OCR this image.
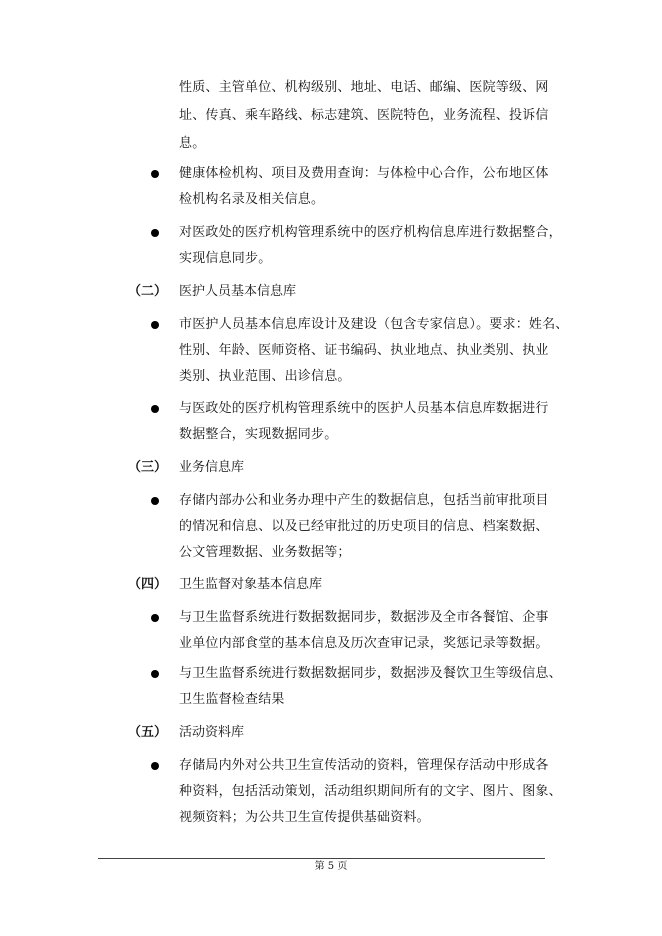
性质、主管单位、机构级别、地址、电话、邮编、医院等级、网
址、传真、乘车路线、标志建筑、医院特色，业务流程、投诉信
息。
健康体检机构、项目及费用查询：与体检中心合作，公布地区体
检机构名录及相关信息。
对医政处的医疗机构管理系统中的医疗机构信息库进行数据整合，
实现信息同步。
（二） 医护人员基本信息库
市医护人员基本信息库设计及建设（包含专家信息）。要求：姓名、
性别、年龄、医师资格、证书编码、执业地点、执业类别、执业
类别、执业范围、出诊信息。
与医政处的医疗机构管理系统中的医护人员基本信息库数据进行
数据整合，实现数据同步。
（三） 业务信息库
存储内部办公和业务办理中产生的数据信息，包括当前审批项目
的情况和信息、以及已经审批过的历史项目的信息、档案数据、
公文管理数据、业务数据等；
（四） 卫生监督对象基本信息库
与卫生监督系统进行数据数据同步，数据涉及全市各餐馆、企事
业单位内部食堂的基本信息及历次查审记录，奖惩记录等数据。
与卫生监督系统进行数据数据同步，数据涉及餐饮卫生等级信息、
卫生监督检查结果
（五） 活动资料库
存储局内外对公共卫生宣传活动的资料，管理保存活动中形成各
种资料，包括活动策划，活动组织期间所有的文字、图片、图象、
视频资料；为公共卫生宣传提供基础资料。
第 5 页
